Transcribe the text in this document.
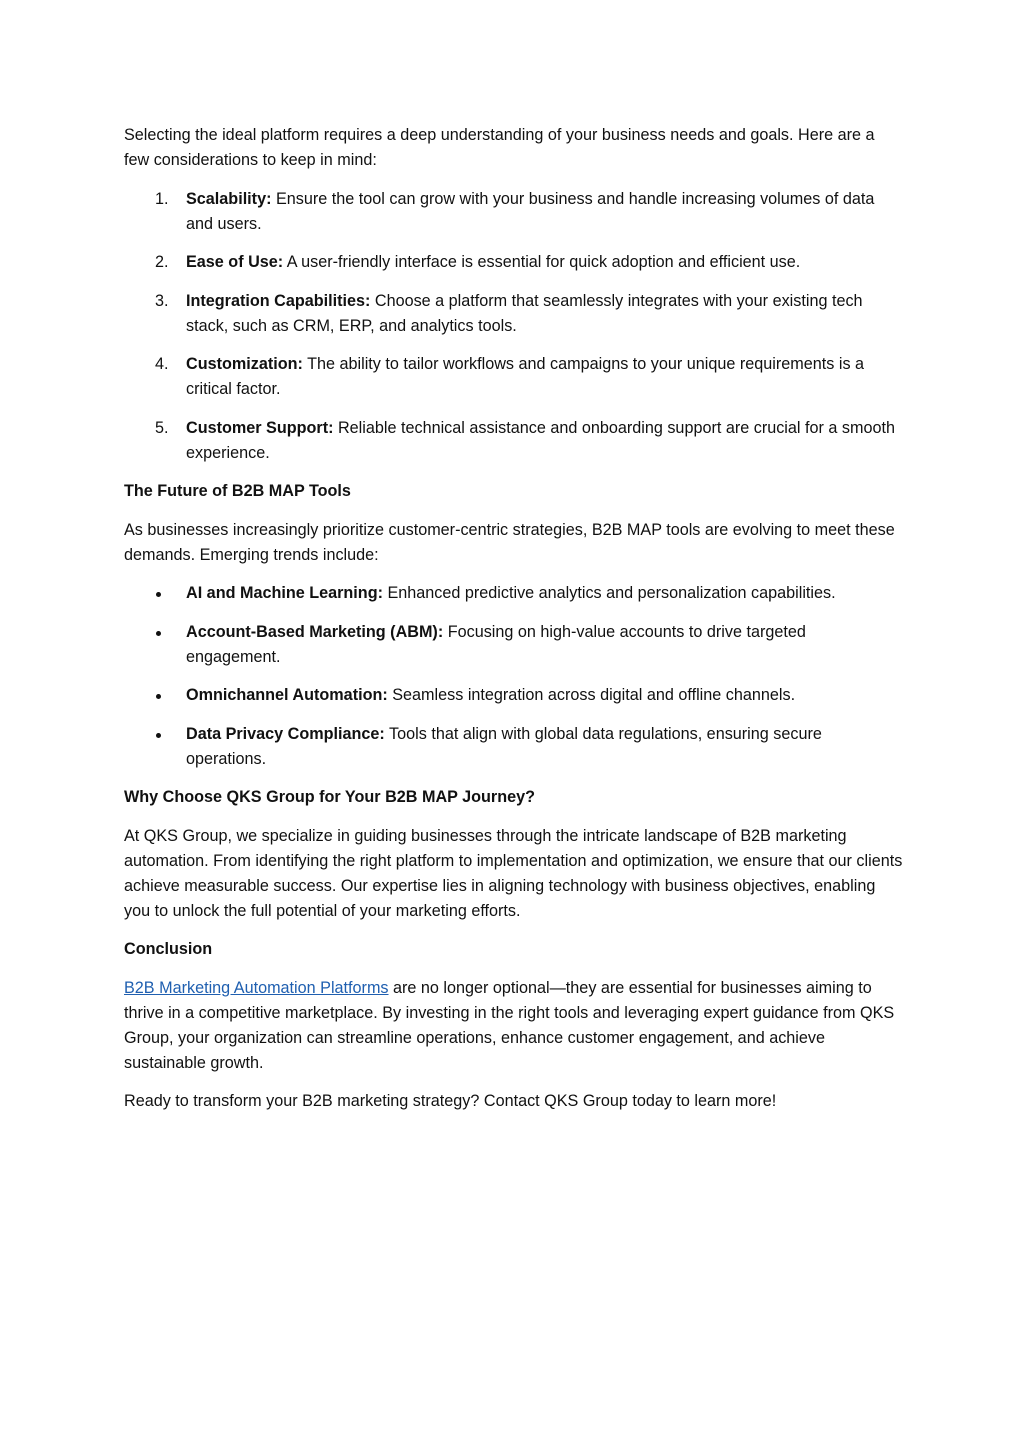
Selecting the ideal platform requires a deep understanding of your business needs and goals. Here are a few considerations to keep in mind:

1.	Scalability: Ensure the tool can grow with your business and handle increasing volumes of data and users.
2.	Ease of Use: A user-friendly interface is essential for quick adoption and efficient use.
3.	Integration Capabilities: Choose a platform that seamlessly integrates with your existing tech stack, such as CRM, ERP, and analytics tools.
4.	Customization: The ability to tailor workflows and campaigns to your unique requirements is a critical factor.
5.	Customer Support: Reliable technical assistance and onboarding support are crucial for a smooth experience.

The Future of B2B MAP Tools

As businesses increasingly prioritize customer-centric strategies, B2B MAP tools are evolving to meet these demands. Emerging trends include:

AI and Machine Learning: Enhanced predictive analytics and personalization capabilities.
Account-Based Marketing (ABM): Focusing on high-value accounts to drive targeted engagement.
Omnichannel Automation: Seamless integration across digital and offline channels.
Data Privacy Compliance: Tools that align with global data regulations, ensuring secure operations.

Why Choose QKS Group for Your B2B MAP Journey?

At QKS Group, we specialize in guiding businesses through the intricate landscape of B2B marketing automation. From identifying the right platform to implementation and optimization, we ensure that our clients achieve measurable success. Our expertise lies in aligning technology with business objectives, enabling you to unlock the full potential of your marketing efforts.

Conclusion

B2B Marketing Automation Platforms are no longer optional—they are essential for businesses aiming to thrive in a competitive marketplace. By investing in the right tools and leveraging expert guidance from QKS Group, your organization can streamline operations, enhance customer engagement, and achieve sustainable growth.

Ready to transform your B2B marketing strategy? Contact QKS Group today to learn more!
